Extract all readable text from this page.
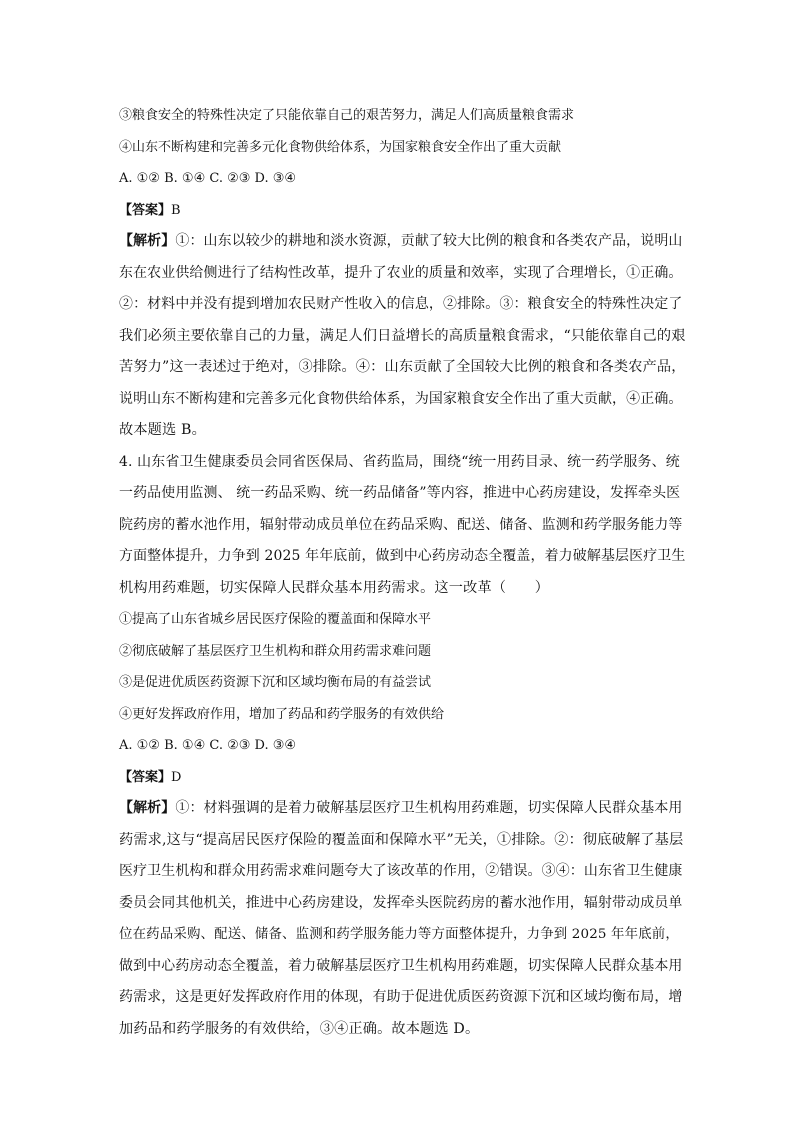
③粮食安全的特殊性决定了只能依靠自己的艰苦努力，满足人们高质量粮食需求
④山东不断构建和完善多元化食物供给体系，为国家粮食安全作出了重大贡献
A. ①② B. ①④ C. ②③ D. ③④
【答案】B
【解析】①：山东以较少的耕地和淡水资源，贡献了较大比例的粮食和各类农产品，说明山
东在农业供给侧进行了结构性改革，提升了农业的质量和效率，实现了合理增长，①正确。
②：材料中并没有提到增加农民财产性收入的信息，②排除。③：粮食安全的特殊性决定了
我们必须主要依靠自己的力量，满足人们日益增长的高质量粮食需求，“只能依靠自己的艰
苦努力”这一表述过于绝对，③排除。④：山东贡献了全国较大比例的粮食和各类农产品，
说明山东不断构建和完善多元化食物供给体系，为国家粮食安全作出了重大贡献，④正确。
故本题选 B。
4. 山东省卫生健康委员会同省医保局、省药监局，围绕“统一用药目录、统一药学服务、统
一药品使用监测、 统一药品采购、统一药品储备”等内容，推进中心药房建设，发挥牵头医
院药房的蓄水池作用，辐射带动成员单位在药品采购、配送、储备、监测和药学服务能力等
方面整体提升，力争到 2025 年年底前，做到中心药房动态全覆盖，着力破解基层医疗卫生
机构用药难题，切实保障人民群众基本用药需求。这一改革（　　）
①提高了山东省城乡居民医疗保险的覆盖面和保障水平
②彻底破解了基层医疗卫生机构和群众用药需求难问题
③是促进优质医药资源下沉和区域均衡布局的有益尝试
④更好发挥政府作用，增加了药品和药学服务的有效供给
A. ①② B. ①④ C. ②③ D. ③④
【答案】D
【解析】①：材料强调的是着力破解基层医疗卫生机构用药难题，切实保障人民群众基本用
药需求,这与“提高居民医疗保险的覆盖面和保障水平”无关，①排除。②：彻底破解了基层
医疗卫生机构和群众用药需求难问题夸大了该改革的作用，②错误。③④：山东省卫生健康
委员会同其他机关，推进中心药房建设，发挥牵头医院药房的蓄水池作用，辐射带动成员单
位在药品采购、配送、储备、监测和药学服务能力等方面整体提升，力争到 2025 年年底前，
做到中心药房动态全覆盖，着力破解基层医疗卫生机构用药难题，切实保障人民群众基本用
药需求，这是更好发挥政府作用的体现，有助于促进优质医药资源下沉和区域均衡布局，增
加药品和药学服务的有效供给，③④正确。故本题选 D。
